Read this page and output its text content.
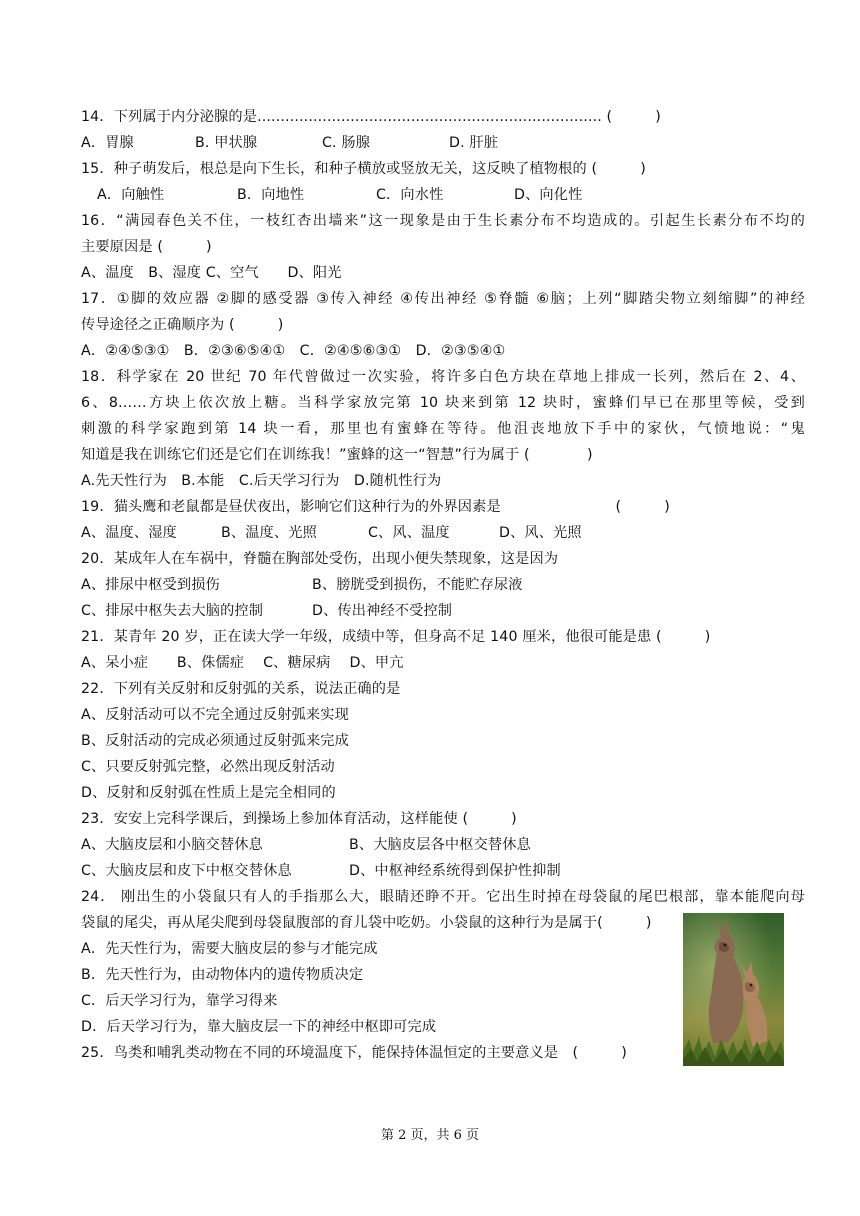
14．下列属于内分泌腺的是.......................................................................... (　　　)
A．胃腺	B. 甲状腺	C. 肠腺	D. 肝脏
15．种子萌发后，根总是向下生长，和种子横放或竖放无关，这反映了植物根的 (　　　)
A．向触性	B．向地性	C．向水性	D、向化性
16．“满园春色关不住，一枝红杏出墙来”这一现象是由于生长素分布不均造成的。引起生长素分布不均的
主要原因是 (　　　)
A、温度　B、湿度 C、空气　　D、阳光
17．①脚的效应器 ②脚的感受器 ③传入神经 ④传出神经 ⑤脊髓 ⑥脑；上列“脚踏尖物立刻缩脚”的神经
传导途径之正确顺序为 (　　　)
A．②④⑤③①　B．②③⑥⑤④①　C．②④⑤⑥③①　D．②③⑤④①
18．科学家在 20 世纪 70 年代曾做过一次实验，将许多白色方块在草地上排成一长列，然后在 2、4、
6、8……方块上依次放上糖。当科学家放完第 10 块来到第 12 块时，蜜蜂们早已在那里等候，受到
刺激的科学家跑到第 14 块一看，那里也有蜜蜂在等待。他沮丧地放下手中的家伙，气愤地说：“鬼
知道是我在训练它们还是它们在训练我！”蜜蜂的这一“智慧”行为属于 (　　　　)
A.先天性行为　B.本能　C.后天学习行为　D.随机性行为
19．猫头鹰和老鼠都是昼伏夜出，影响它们这种行为的外界因素是　　　　　　　　(　　　)
A、温度、湿度	B、温度、光照	C、风、温度	D、风、光照
20．某成年人在车祸中，脊髓在胸部处受伤，出现小便失禁现象，这是因为
A、排尿中枢受到损伤	B、膀胱受到损伤，不能贮存尿液
C、排尿中枢失去大脑的控制	D、传出神经不受控制
21．某青年 20 岁，正在读大学一年级，成绩中等，但身高不足 140 厘米，他很可能是患 (　　　)
A、呆小症　　B、侏儒症　 C、糖尿病　 D、甲亢
22．下列有关反射和反射弧的关系，说法正确的是
A、反射活动可以不完全通过反射弧来实现
B、反射活动的完成必须通过反射弧来完成
C、只要反射弧完整，必然出现反射活动
D、反射和反射弧在性质上是完全相同的
23．安安上完科学课后，到操场上参加体育活动，这样能使 (　　　)
A、大脑皮层和小脑交替休息	B、大脑皮层各中枢交替休息
C、大脑皮层和皮下中枢交替休息	D、中枢神经系统得到保护性抑制
24． 刚出生的小袋鼠只有人的手指那么大，眼睛还睁不开。它出生时掉在母袋鼠的尾巴根部，靠本能爬向母
袋鼠的尾尖，再从尾尖爬到母袋鼠腹部的育儿袋中吃奶。小袋鼠的这种行为是属于(　　　)
A．先天性行为，需要大脑皮层的参与才能完成
B．先天性行为，由动物体内的遗传物质决定
C．后天学习行为，靠学习得来
D．后天学习行为，靠大脑皮层一下的神经中枢即可完成
25．鸟类和哺乳类动物在不同的环境温度下，能保持体温恒定的主要意义是　(　　　)
第 2 页，共 6 页
